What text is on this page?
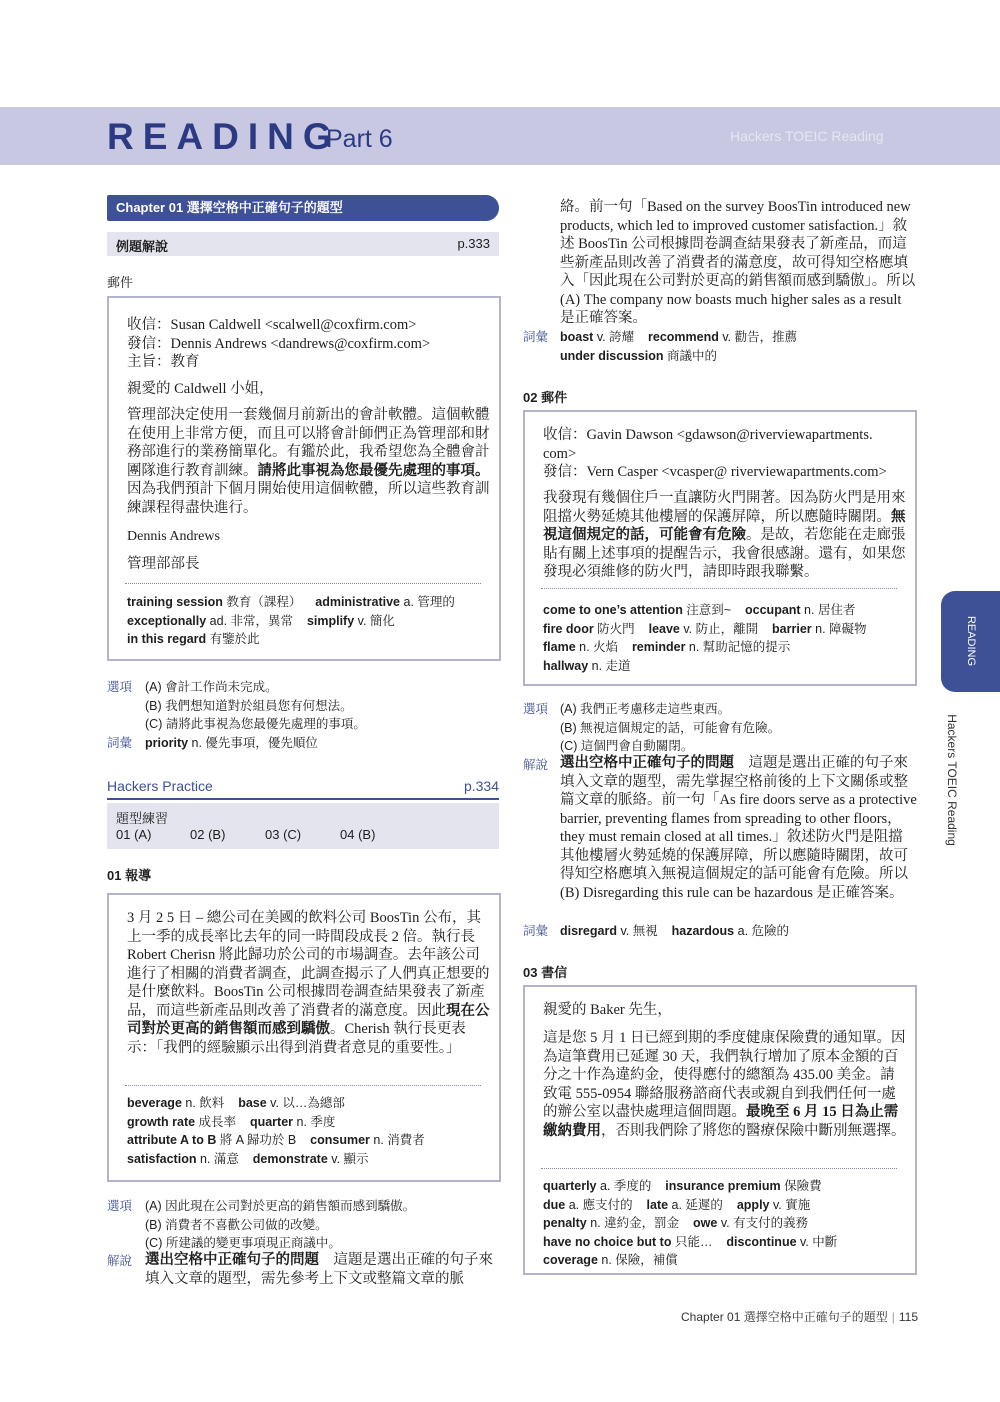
READING
Part 6	Hackers TOEIC Reading
Chapter 01 選擇空格中正確句子的題型
例題解說	p.333
郵件
收信：Susan Caldwell <scalwell@coxfirm.com>
發信：Dennis Andrews <dandrews@coxfirm.com>
主旨：教育
親愛的 Caldwell 小姐，
管理部決定使用一套幾個月前新出的會計軟體。這個軟體在使用上非常方便，而且可以將會計師們正為管理部和財務部進行的業務簡單化。有鑑於此，我希望您為全體會計團隊進行教育訓練。請將此事視為您最優先處理的事項。因為我們預計下個月開始使用這個軟體，所以這些教育訓練課程得盡快進行。
Dennis Andrews
管理部部長
training session 教育（課程） administrative a. 管理的
exceptionally ad. 非常，異常 simplify v. 簡化
in this regard 有鑒於此
選項 (A) 會計工作尚未完成。
(B) 我們想知道對於組員您有何想法。
(C) 請將此事視為您最優先處理的事項。
詞彙 priority n. 優先事項，優先順位
Hackers Practice	p.334
題型練習
01 (A)	02 (B)	03 (C)	04 (B)
01 報導
3 月 2 5 日 – 總公司在美國的飲料公司 BoosTin 公布，其上一季的成長率比去年的同一時間段成長 2 倍。執行長 Robert Cherisn 將此歸功於公司的市場調查。去年該公司進行了相關的消費者調查，此調查揭示了人們真正想要的是什麼飲料。BoosTin 公司根據問卷調查結果發表了新產品，而這些新產品則改善了消費者的滿意度。因此現在公司對於更高的銷售額而感到驕傲。Cherish 執行長更表示：「我們的經驗顯示出得到消費者意見的重要性。」
beverage n. 飲料 base v. 以…為總部
growth rate 成長率 quarter n. 季度
attribute A to B 將 A 歸功於 B consumer n. 消費者
satisfaction n. 滿意 demonstrate v. 顯示
選項 (A) 因此現在公司對於更高的銷售額而感到驕傲。
(B) 消費者不喜歡公司做的改變。
(C) 所建議的變更事項現正商議中。
解說 選出空格中正確句子的問題　這題是選出正確的句子來填入文章的題型，需先參考上下文或整篇文章的脈
絡。前一句「Based on the survey BoosTin introduced new products, which led to improved customer satisfaction.」敘述 BoosTin 公司根據問卷調查結果發表了新產品，而這些新產品則改善了消費者的滿意度，故可得知空格應填入「因此現在公司對於更高的銷售額而感到驕傲」。所以 (A) The company now boasts much higher sales as a result 是正確答案。
詞彙 boast v. 誇耀 recommend v. 勸告，推薦
under discussion 商議中的
02 郵件
收信：Gavin Dawson <gdawson@riverviewapartments.
com>
發信：Vern Casper <vcasper@ riverviewapartments.com>
我發現有幾個住戶一直讓防火門開著。因為防火門是用來阻擋火勢延燒其他樓層的保護屏障，所以應隨時關閉。無視這個規定的話，可能會有危險。是故，若您能在走廊張貼有關上述事項的提醒告示，我會很感謝。還有，如果您發現必須維修的防火門，請即時跟我聯繫。
come to one’s attention 注意到~ occupant n. 居住者
fire door 防火門 leave v. 防止，離開 barrier n. 障礙物
flame n. 火焰 reminder n. 幫助記憶的提示
hallway n. 走道
選項 (A) 我們正考慮移走這些東西。
(B) 無視這個規定的話，可能會有危險。
(C) 這個門會自動關閉。
解說 選出空格中正確句子的問題　這題是選出正確的句子來填入文章的題型，需先掌握空格前後的上下文關係或整篇文章的脈絡。前一句「As fire doors serve as a protective barrier, preventing flames from spreading to other floors，they must remain closed at all times.」敘述防火門是阻擋其他樓層火勢延燒的保護屏障，所以應隨時關閉，故可得知空格應填入無視這個規定的話可能會有危險。所以 (B) Disregarding this rule can be hazardous 是正確答案。
詞彙 disregard v. 無視 hazardous a. 危險的
03 書信
親愛的 Baker 先生，
這是您 5 月 1 日已經到期的季度健康保險費的通知單。因為這筆費用已延遲 30 天，我們執行增加了原本金額的百分之十作為違約金，使得應付的總額為 435.00 美金。請致電 555-0954 聯絡服務諮商代表或親自到我們任何一處的辦公室以盡快處理這個問題。最晚至 6 月 15 日為止需繳納費用，否則我們除了將您的醫療保險中斷別無選擇。
quarterly a. 季度的 insurance premium 保險費
due a. 應支付的 late a. 延遲的 apply v. 實施
penalty n. 違約金，罰金 owe v. 有支付的義務
have no choice but to 只能… discontinue v. 中斷
coverage n. 保險，補償
READING
Hackers TOEIC Reading
Chapter 01 選擇空格中正確句子的題型 | 115
